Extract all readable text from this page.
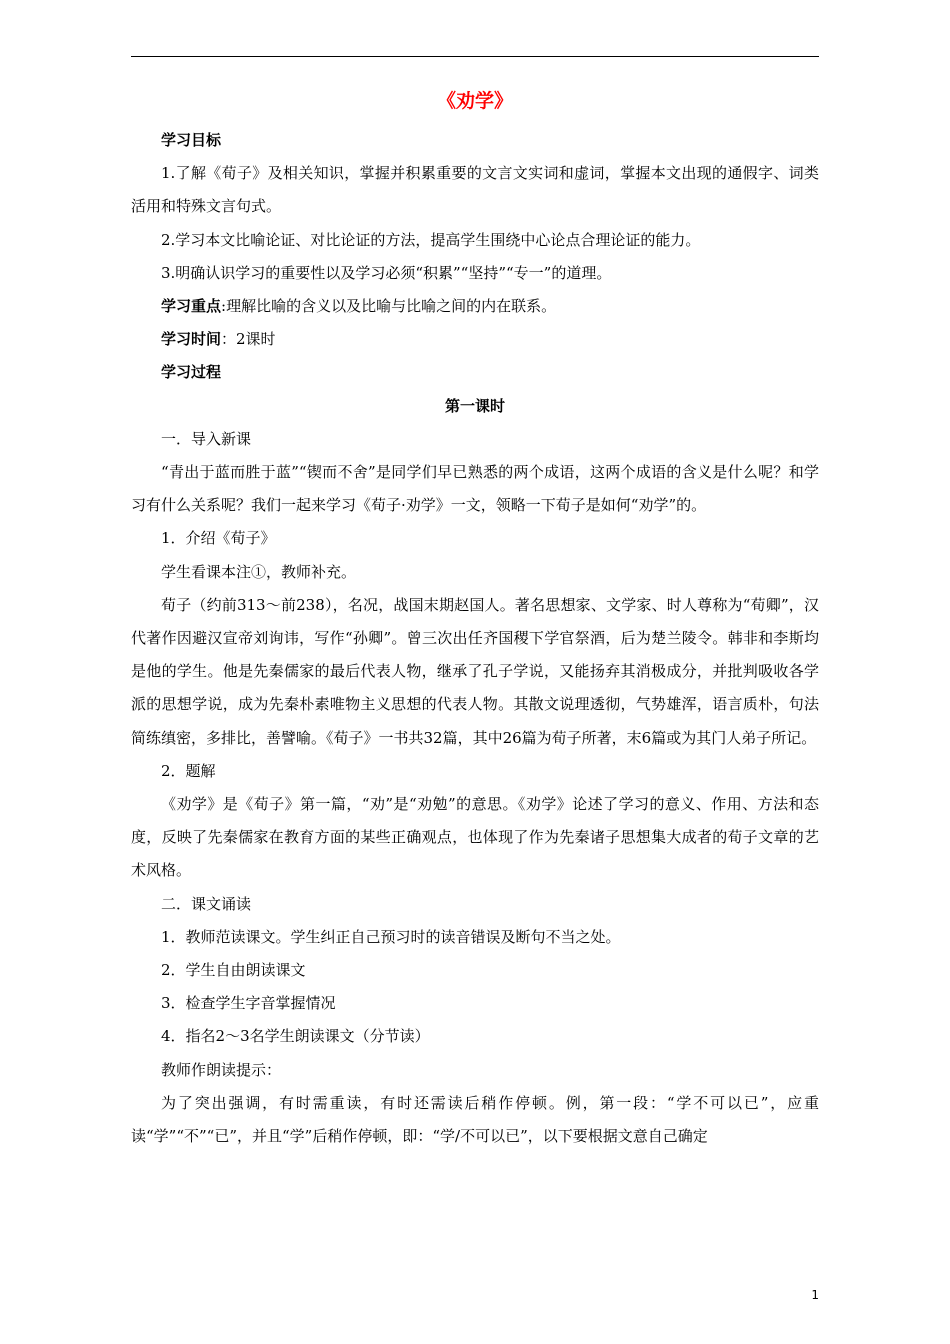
《劝学》

学习目标

1.了解《荀子》及相关知识，掌握并积累重要的文言文实词和虚词，掌握本文出现的通假字、词类活用和特殊文言句式。

2.学习本文比喻论证、对比论证的方法，提高学生围绕中心论点合理论证的能力。

3.明确认识学习的重要性以及学习必须“积累”“坚持”“专一”的道理。

学习重点:理解比喻的含义以及比喻与比喻之间的内在联系。

学习时间：2课时

学习过程

第一课时

一．导入新课

“青出于蓝而胜于蓝”“锲而不舍”是同学们早已熟悉的两个成语，这两个成语的含义是什么呢？和学习有什么关系呢？我们一起来学习《荀子·劝学》一文，领略一下荀子是如何“劝学”的。

1．介绍《荀子》

学生看课本注①，教师补充。

荀子（约前313～前238），名况，战国末期赵国人。著名思想家、文学家、时人尊称为“荀卿”，汉代著作因避汉宣帝刘询讳，写作“孙卿”。曾三次出任齐国稷下学官祭酒，后为楚兰陵令。韩非和李斯均是他的学生。他是先秦儒家的最后代表人物，继承了孔子学说，又能扬弃其消极成分，并批判吸收各学派的思想学说，成为先秦朴素唯物主义思想的代表人物。其散文说理透彻，气势雄浑，语言质朴，句法简练缜密，多排比，善譬喻。《荀子》一书共32篇，其中26篇为荀子所著，末6篇或为其门人弟子所记。

2．题解

《劝学》是《荀子》第一篇，“劝”是“劝勉”的意思。《劝学》论述了学习的意义、作用、方法和态度，反映了先秦儒家在教育方面的某些正确观点，也体现了作为先秦诸子思想集大成者的荀子文章的艺术风格。

二．课文诵读

1．教师范读课文。学生纠正自己预习时的读音错误及断句不当之处。

2．学生自由朗读课文

3．检查学生字音掌握情况

4．指名2～3名学生朗读课文（分节读）

教师作朗读提示：

为了突出强调，有时需重读，有时还需读后稍作停顿。例，第一段：“学不可以已”，应重读“学”“不”“已”，并且“学”后稍作停顿，即：“学/不可以已”，以下要根据文意自己确定

1
